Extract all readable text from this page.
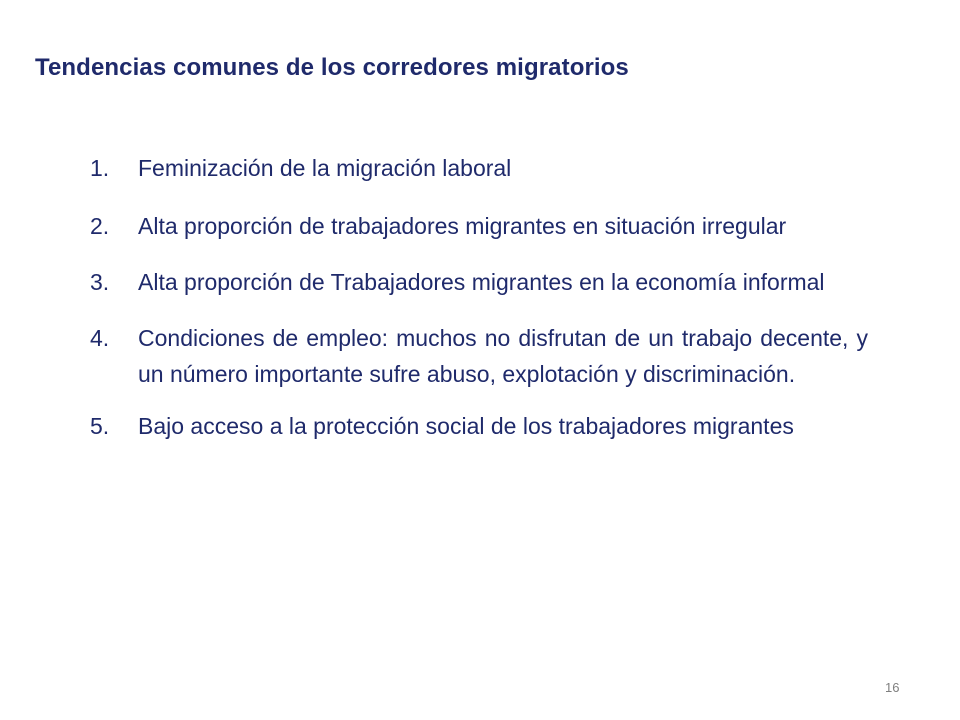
Tendencias comunes de los corredores migratorios
1.	Feminización de la migración laboral
2.	Alta proporción de trabajadores migrantes en situación irregular
3.	Alta proporción de Trabajadores migrantes en la economía informal
4.	Condiciones de empleo: muchos no disfrutan de un trabajo decente, y un número importante sufre abuso, explotación y discriminación.
5.	Bajo acceso a la protección social de los trabajadores migrantes
16
